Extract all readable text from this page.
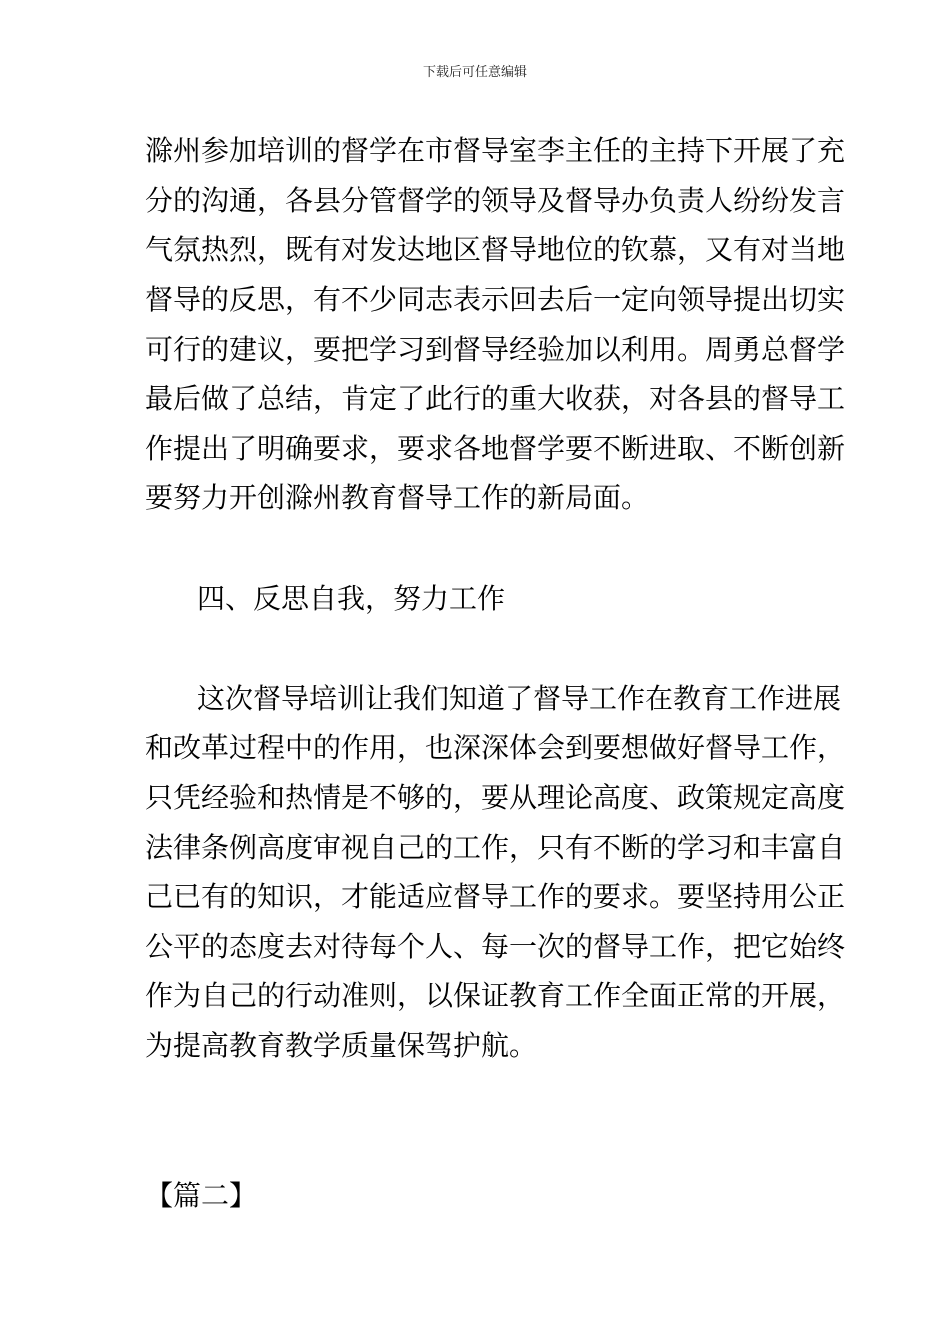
下载后可任意编辑
滁州参加培训的督学在市督导室李主任的主持下开展了充
分的沟通，各县分管督学的领导及督导办负责人纷纷发言
气氛热烈，既有对发达地区督导地位的钦慕，又有对当地
督导的反思，有不少同志表示回去后一定向领导提出切实
可行的建议，要把学习到督导经验加以利用。周勇总督学
最后做了总结，肯定了此行的重大收获，对各县的督导工
作提出了明确要求，要求各地督学要不断进取、不断创新
要努力开创滁州教育督导工作的新局面。
四、反思自我，努力工作
这次督导培训让我们知道了督导工作在教育工作进展
和改革过程中的作用，也深深体会到要想做好督导工作，
只凭经验和热情是不够的，要从理论高度、政策规定高度
法律条例高度审视自己的工作，只有不断的学习和丰富自
己已有的知识，才能适应督导工作的要求。要坚持用公正
公平的态度去对待每个人、每一次的督导工作，把它始终
作为自己的行动准则，以保证教育工作全面正常的开展，
为提高教育教学质量保驾护航。
【篇二】
